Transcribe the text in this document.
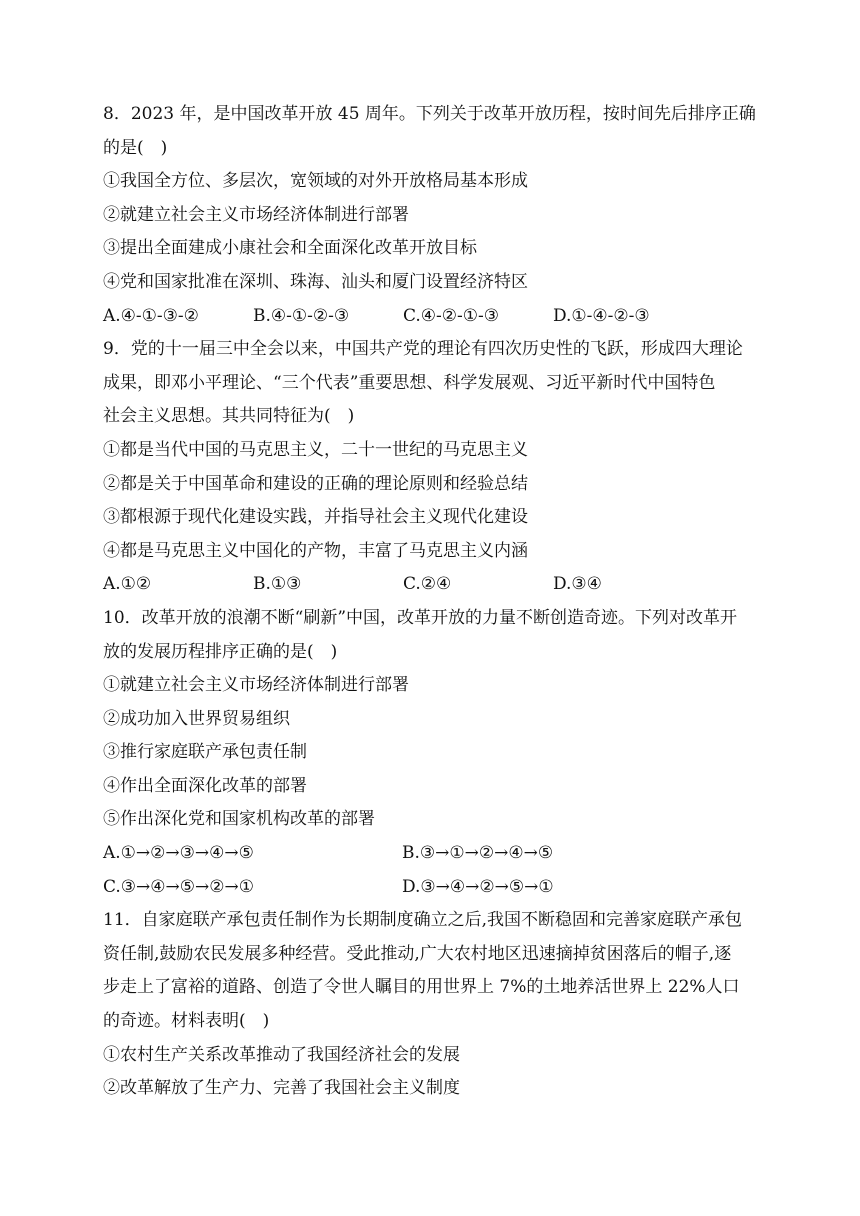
8．2023 年，是中国改革开放 45 周年。下列关于改革开放历程，按时间先后排序正确
的是(　)
①我国全方位、多层次，宽领域的对外开放格局基本形成
②就建立社会主义市场经济体制进行部署
③提出全面建成小康社会和全面深化改革开放目标
④党和国家批准在深圳、珠海、汕头和厦门设置经济特区
A.④-①-③-②	B.④-①-②-③	C.④-②-①-③	D.①-④-②-③
9．党的十一届三中全会以来，中国共产党的理论有四次历史性的飞跃，形成四大理论
成果，即邓小平理论、“三个代表”重要思想、科学发展观、习近平新时代中国特色
社会主义思想。其共同特征为(　)
①都是当代中国的马克思主义，二十一世纪的马克思主义
②都是关于中国革命和建设的正确的理论原则和经验总结
③都根源于现代化建设实践，并指导社会主义现代化建设
④都是马克思主义中国化的产物，丰富了马克思主义内涵
A.①②	B.①③	C.②④	D.③④
10．改革开放的浪潮不断“刷新”中国，改革开放的力量不断创造奇迹。下列对改革开
放的发展历程排序正确的是(　)
①就建立社会主义市场经济体制进行部署
②成功加入世界贸易组织
③推行家庭联产承包责任制
④作出全面深化改革的部署
⑤作出深化党和国家机构改革的部署
A.①→②→③→④→⑤	B.③→①→②→④→⑤
C.③→④→⑤→②→①	D.③→④→②→⑤→①
11．自家庭联产承包责任制作为长期制度确立之后,我国不断稳固和完善家庭联产承包
资任制,鼓励农民发展多种经营。受此推动,广大农村地区迅速摘掉贫困落后的帽子,逐
步走上了富裕的道路、创造了令世人瞩目的用世界上 7%的土地养活世界上 22%人口
的奇迹。材料表明(　)
①农村生产关系改革推动了我国经济社会的发展
②改革解放了生产力、完善了我国社会主义制度
